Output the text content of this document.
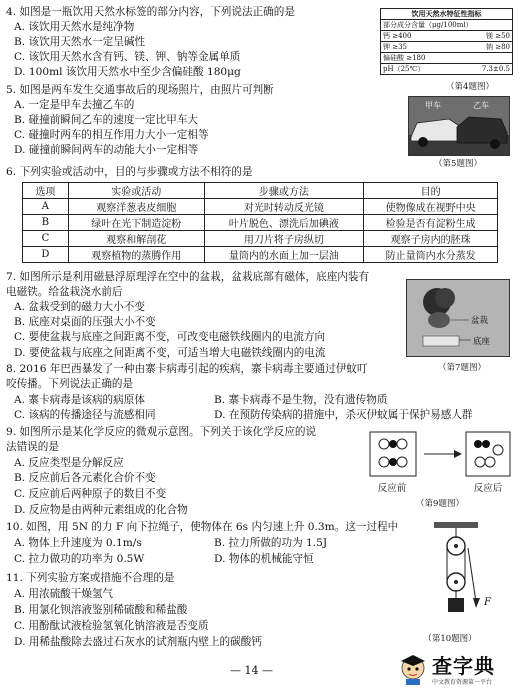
4. 如图是一瓶饮用天然水标签的部分内容，下列说法正确的是
A. 该饮用天然水是纯净物
B. 该饮用天然水一定呈碱性
C. 该饮用天然水含有钙、镁、钾、钠等金属单质
D. 100ml 该饮用天然水中至少含偏硅酸 180μg
饮用天然水特征性指标
部分成分含量（μg/100ml）
钙 ≥400	镁 ≥50
钾 ≥35	钠 ≥80
偏硅酸 ≥180
pH（25℃）	7.3±0.5
（第4题图）
5. 如图是两车发生交通事故后的现场照片，由照片可判断
A. 一定是甲车去撞乙车的
B. 碰撞前瞬间乙车的速度一定比甲车大
C. 碰撞时两车的相互作用力大小一定相等
D. 碰撞前瞬间两车的动能大小一定相等
甲车	乙车
（第5题图）
6. 下列实验或活动中，目的与步骤或方法不相符的是
选项	实验或活动	步骤或方法	目的
A	观察洋葱表皮细胞	对光时转动反光镜	使物像成在视野中央
B	绿叶在光下制造淀粉	叶片脱色、漂洗后加碘液	检验是否有淀粉生成
C	观察和解剖花	用刀片将子房纵切	观察子房内的胚珠
D	观察植物的蒸腾作用	量筒内的水面上加一层油	防止量筒内水分蒸发
7. 如图所示是利用磁悬浮原理浮在空中的盆栽，盆栽底部有磁体，底座内装有
电磁铁。给盆栽浇水前后
A. 盆栽受到的磁力大小不变
B. 底座对桌面的压强大小不变
C. 要使盆栽与底座之间距离不变，可改变电磁铁线圈内的电流方向
D. 要使盆栽与底座之间距离不变，可适当增大电磁铁线圈内的电流
盆栽
底座
（第7题图）
8. 2016 年巴西暴发了一种由寨卡病毒引起的疾病，寨卡病毒主要通过伊蚊叮
咬传播。下列说法正确的是
A. 寨卡病毒是该病的病原体	B. 寨卡病毒不是生物，没有遗传物质
C. 该病的传播途径与流感相同	D. 在预防传染病的措施中，杀灭伊蚊属于保护易感人群
9. 如图所示是某化学反应的微观示意图。下列关于该化学反应的说
法错误的是
A. 反应类型是分解反应
B. 反应前后各元素化合价不变
C. 反应前后两种原子的数目不变
D. 反应物是由两种元素组成的化合物
反应前	反应后
（第9题图）
10. 如图，用 5N 的力 F 向下拉绳子，使物体在 6s 内匀速上升 0.3m。这一过程中
A. 物体上升速度为 0.1m/s	B. 拉力所做的功为 1.5J
C. 拉力做功的功率为 0.5W	D. 物体的机械能守恒
F
（第10题图）
11. 下列实验方案或措施不合理的是
A. 用浓硫酸干燥氢气
B. 用氯化钡溶液鉴别稀硫酸和稀盐酸
C. 用酚酞试液检验氢氧化钠溶液是否变质
D. 用稀盐酸除去盛过石灰水的试剂瓶内壁上的碳酸钙
— 14 —	查字典
中文教育资源第一平台
